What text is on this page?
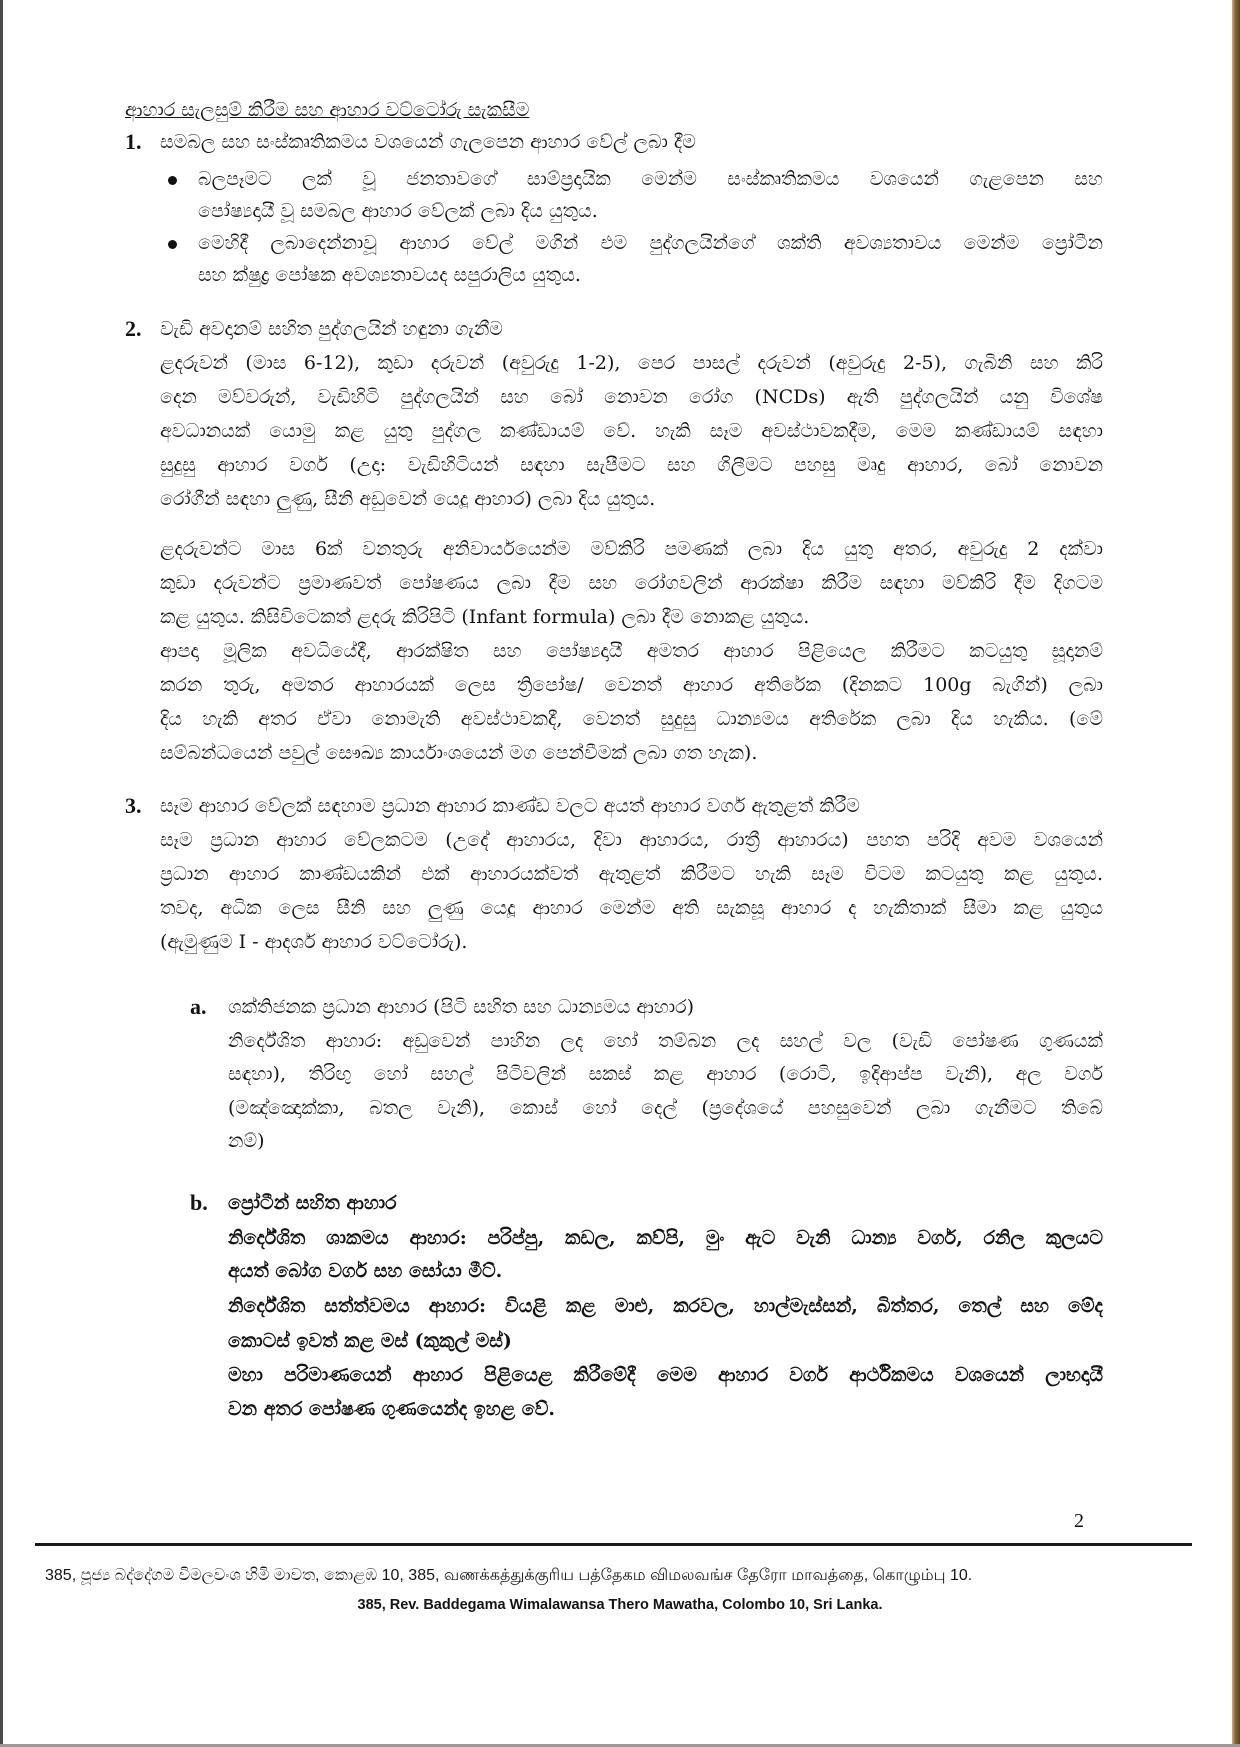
ආහාර සැලසුම් කිරීම සහ ආහාර වට්ටෝරු සැකසීම
1. සමබල සහ සංස්කෘතිකමය වශයෙන් ගැලපෙන ආහාර වේල් ලබා දීම
බලපෑමට ලක් වූ ජනතාවගේ සාම්ප්‍රදායික මෙන්ම සංස්කෘතිකමය වශයෙන් ගැළපෙන සහ
පෝෂ්‍යදායී වූ සමබල ආහාර වේලක් ලබා දිය යුතුය.
මෙහිදී ලබාදෙන්නාවූ ආහාර වේල් මගින් එම පුද්ගලයින්ගේ ශක්ති අවශ්‍යතාවය මෙන්ම ප්‍රෝටීන
සහ ක්ෂුද්‍ර පෝෂක අවශ්‍යතාවයද සපුරාලිය යුතුය.
2. වැඩි අවදානම් සහිත පුද්ගලයින් හඳුනා ගැනීම
ළදරුවන් (මාස 6-12), කුඩා දරුවන් (අවුරුදු 1-2), පෙර පාසල් දරුවන් (අවුරුදු 2-5), ගැබිනි සහ කිරි
දෙන මව්වරුන්, වැඩිහිටි පුද්ගලයින් සහ බෝ නොවන රෝග (NCDs) ඇති පුද්ගලයින් යනු විශේෂ
අවධානයක් යොමු කළ යුතු පුද්ගල කණ්ඩායම් වේ. හැකි සෑම අවස්ථාවකදීම, මෙම කණ්ඩායම් සඳහා
සුදුසු ආහාර වර්ග (උදා: වැඩිහිටියන් සඳහා සැපීමට සහ ගිලීමට පහසු මෘදු ආහාර, බෝ නොවන
රෝගීන් සඳහා ලුණු, සීනි අඩුවෙන් යෙදූ ආහාර) ලබා දිය යුතුය.
ළදරුවන්ට මාස 6ක් වනතුරු අනිවාර්යයෙන්ම මව්කිරි පමණක් ලබා දිය යුතු අතර, අවුරුදු 2 දක්වා
කුඩා දරුවන්ට ප්‍රමාණවත් පෝෂණය ලබා දීම සහ රෝගවලින් ආරක්ෂා කිරීම සඳහා මව්කිරි දීම දිගටම
කළ යුතුය. කිසිවිටෙකත් ළදරු කිරිපිටි (Infant formula) ලබා දීම නොකළ යුතුය.
ආපදා මූලික අවධියේදී, ආරක්ෂිත සහ පෝෂ්‍යදායී අමතර ආහාර පිළියෙල කිරීමට කටයුතු සූදානම්
කරන තුරු, අමතර ආහාරයක් ලෙස ත්‍රිපෝෂ/ වෙනත් ආහාර අතිරේක (දිනකට 100g බැගින්) ලබා
දිය හැකි අතර ඒවා නොමැති අවස්ථාවකදී, වෙනත් සුදුසු ධාන්‍යමය අතිරේක ලබා දිය හැකිය. (මේ
සම්බන්ධයෙන් පවුල් සෞඛ්‍ය කාර්යාංශයෙන් මග පෙන්වීමක් ලබා ගත හැක).
3. සෑම ආහාර වේලක් සඳහාම ප්‍රධාන ආහාර කාණ්ඩ වලට අයත් ආහාර වර්ග ඇතුළත් කිරීම
සෑම ප්‍රධාන ආහාර වේලකටම (උදේ ආහාරය, දිවා ආහාරය, රාත්‍රී ආහාරය) පහත පරිදි අවම වශයෙන්
ප්‍රධාන ආහාර කාණ්ඩයකින් එක් ආහාරයක්වත් ඇතුළත් කිරීමට හැකි සෑම විටම කටයුතු කළ යුතුය.
තවද, අධික ලෙස සීනි සහ ලුණු යෙදූ ආහාර මෙන්ම අති සැකසූ ආහාර ද හැකිතාක් සීමා කළ යුතුය
(ඇමුණුම I - ආදර්ශ ආහාර වට්ටෝරු).
a. ශක්තිජනක ප්‍රධාන ආහාර (පිටි සහිත සහ ධාන්‍යමය ආහාර)
නිර්දේශිත ආහාර: අඩුවෙන් පාහින ලද හෝ තම්බන ලද සහල් වල (වැඩි පෝෂණ ගුණයක්
සඳහා), තිරිඟු හෝ සහල් පිටිවලින් සකස් කළ ආහාර (රොටි, ඉදිආප්ප වැනි), අල වර්ග
(මඤ්ඤොක්කා, බතල වැනි), කොස් හෝ දෙල් (ප්‍රදේශයේ පහසුවෙන් ලබා ගැනීමට තිබේ
නම්)
b. ප්‍රෝටීන් සහිත ආහාර
නිර්දේශිත ශාකමය ආහාර: පරිප්පු, කඩල, කව්පි, මුං ඇට වැනි ධාන්‍ය වර්ග, රනිල කුලයට
අයත් බෝග වර්ග සහ සෝයා මීට්.
නිර්දේශිත සත්ත්වමය ආහාර: වියළි කළ මාළු, කරවල, හාල්මැස්සන්, බිත්තර, තෙල් සහ මේද
කොටස් ඉවත් කළ මස් (කුකුල් මස්)
මහා පරිමාණයෙන් ආහාර පිළියෙළ කිරීමේදී මෙම ආහාර වර්ග ආර්ථිකමය වශයෙන් ලාභදායී
වන අතර පෝෂණ ගුණයෙන්ද ඉහළ වේ.
2
385, පූජ්‍ය බද්දේගම විමලවංශ හිමි මාවත, කොළඹ 10, 385, வணக்கத்துக்குரிய பத்தேகம விமலவங்ச தேரோ மாவத்தை, கொழும்பு 10.
385, Rev. Baddegama Wimalawansa Thero Mawatha, Colombo 10, Sri Lanka.
